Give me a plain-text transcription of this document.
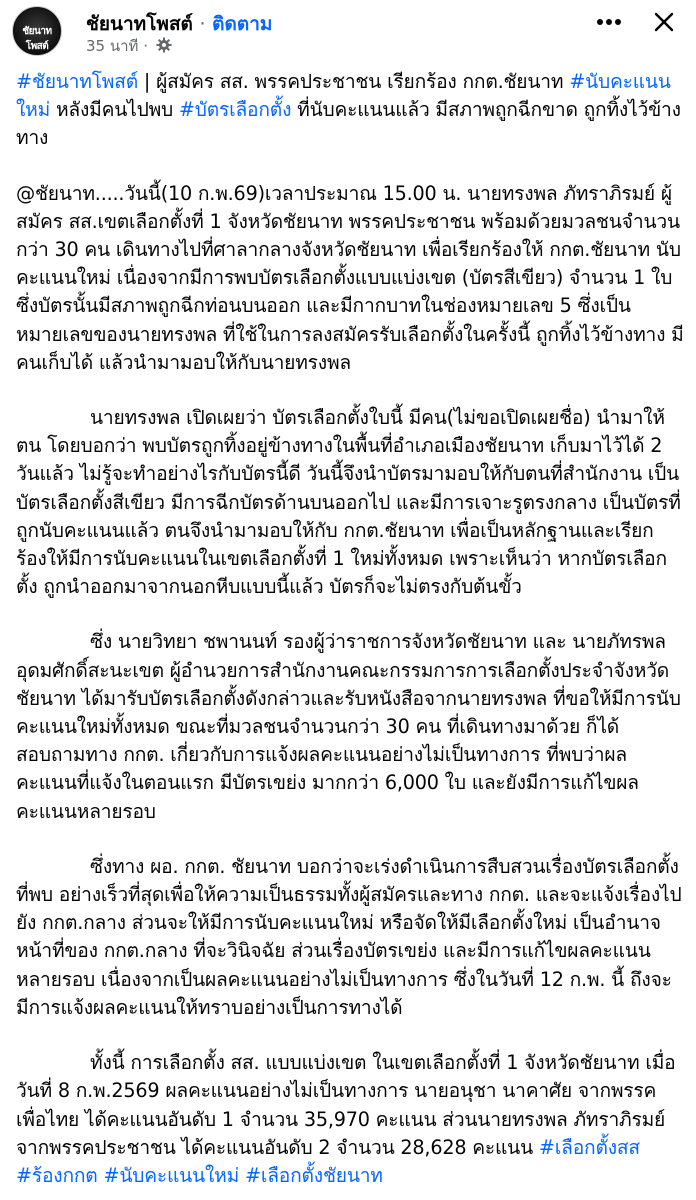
ชัยนาทโพสต์
ชัยนาทโพสต์ · ติดตาม
35 นาที ·

#ชัยนาทโพสต์ | ผู้สมัคร สส. พรรคประชาชน เรียกร้อง กกต.ชัยนาท #นับคะแนนใหม่ หลังมีคนไปพบ #บัตรเลือกตั้ง ที่นับคะแนนแล้ว มีสภาพถูกฉีกขาด ถูกทิ้งไว้ข้างทาง

@ชัยนาท.....วันนี้(10 ก.พ.69)เวลาประมาณ 15.00 น. นายทรงพล ภัทราภิรมย์ ผู้สมัคร สส.เขตเลือกตั้งที่ 1 จังหวัดชัยนาท พรรคประชาชน พร้อมด้วยมวลชนจำนวนกว่า 30 คน เดินทางไปที่ศาลากลางจังหวัดชัยนาท เพื่อเรียกร้องให้ กกต.ชัยนาท นับคะแนนใหม่ เนื่องจากมีการพบบัตรเลือกตั้งแบบแบ่งเขต (บัตรสีเขียว) จำนวน 1 ใบ ซึ่งบัตรนั้นมีสภาพถูกฉีกท่อนบนออก และมีกากบาทในช่องหมายเลข 5 ซึ่งเป็นหมายเลขของนายทรงพล ที่ใช้ในการลงสมัครรับเลือกตั้งในครั้งนี้ ถูกทิ้งไว้ข้างทาง มีคนเก็บได้ แล้วนำมามอบให้กับนายทรงพล

นายทรงพล เปิดเผยว่า บัตรเลือกตั้งใบนี้ มีคน(ไม่ขอเปิดเผยชื่อ) นำมาให้ตน โดยบอกว่า พบบัตรถูกทิ้งอยู่ข้างทางในพื้นที่อำเภอเมืองชัยนาท เก็บมาไว้ได้ 2 วันแล้ว ไม่รู้จะทำอย่างไรกับบัตรนี้ดี วันนี้จึงนำบัตรมามอบให้กับตนที่สำนักงาน เป็นบัตรเลือกตั้งสีเขียว มีการฉีกบัตรด้านบนออกไป และมีการเจาะรูตรงกลาง เป็นบัตรที่ถูกนับคะแนนแล้ว ตนจึงนำมามอบให้กับ กกต.ชัยนาท เพื่อเป็นหลักฐานและเรียกร้องให้มีการนับคะแนนในเขตเลือกตั้งที่ 1 ใหม่ทั้งหมด เพราะเห็นว่า หากบัตรเลือกตั้ง ถูกนำออกมาจากนอกหีบแบบนี้แล้ว บัตรก็จะไม่ตรงกับต้นขั้ว

ซึ่ง นายวิทยา ชพานนท์ รองผู้ว่าราชการจังหวัดชัยนาท และ นายภัทรพล อุดมศักดิ์สะนะเขต ผู้อำนวยการสำนักงานคณะกรรมการการเลือกตั้งประจำจังหวัดชัยนาท ได้มารับบัตรเลือกตั้งดังกล่าวและรับหนังสือจากนายทรงพล ที่ขอให้มีการนับคะแนนใหม่ทั้งหมด ขณะที่มวลชนจำนวนกว่า 30 คน ที่เดินทางมาด้วย ก็ได้สอบถามทาง กกต. เกี่ยวกับการแจ้งผลคะแนนอย่างไม่เป็นทางการ ที่พบว่าผลคะแนนที่แจ้งในตอนแรก มีบัตรเขย่ง มากกว่า 6,000 ใบ และยังมีการแก้ไขผลคะแนนหลายรอบ

ซึ่งทาง ผอ. กกต. ชัยนาท บอกว่าจะเร่งดำเนินการสืบสวนเรื่องบัตรเลือกตั้งที่พบ อย่างเร็วที่สุดเพื่อให้ความเป็นธรรมทั้งผู้สมัครและทาง กกต. และจะแจ้งเรื่องไปยัง กกต.กลาง ส่วนจะให้มีการนับคะแนนใหม่ หรือจัดให้มีเลือกตั้งใหม่ เป็นอำนาจหน้าที่ของ กกต.กลาง ที่จะวินิจฉัย ส่วนเรื่องบัตรเขย่ง และมีการแก้ไขผลคะแนนหลายรอบ เนื่องจากเป็นผลคะแนนอย่างไม่เป็นทางการ ซึ่งในวันที่ 12 ก.พ. นี้ ถึงจะมีการแจ้งผลคะแนนให้ทราบอย่างเป็นการทางได้

ทั้งนี้ การเลือกตั้ง สส. แบบแบ่งเขต ในเขตเลือกตั้งที่ 1 จังหวัดชัยนาท เมื่อวันที่ 8 ก.พ.2569 ผลคะแนนอย่างไม่เป็นทางการ นายอนุชา นาคาศัย จากพรรคเพื่อไทย ได้คะแนนอันดับ 1 จำนวน 35,970 คะแนน ส่วนนายทรงพล ภัทราภิรมย์ จากพรรคประชาชน ได้คะแนนอันดับ 2 จำนวน 28,628 คะแนน #เลือกตั้งสส #ร้องกกต #นับคะแนนใหม่ #เลือกตั้งชัยนาท
